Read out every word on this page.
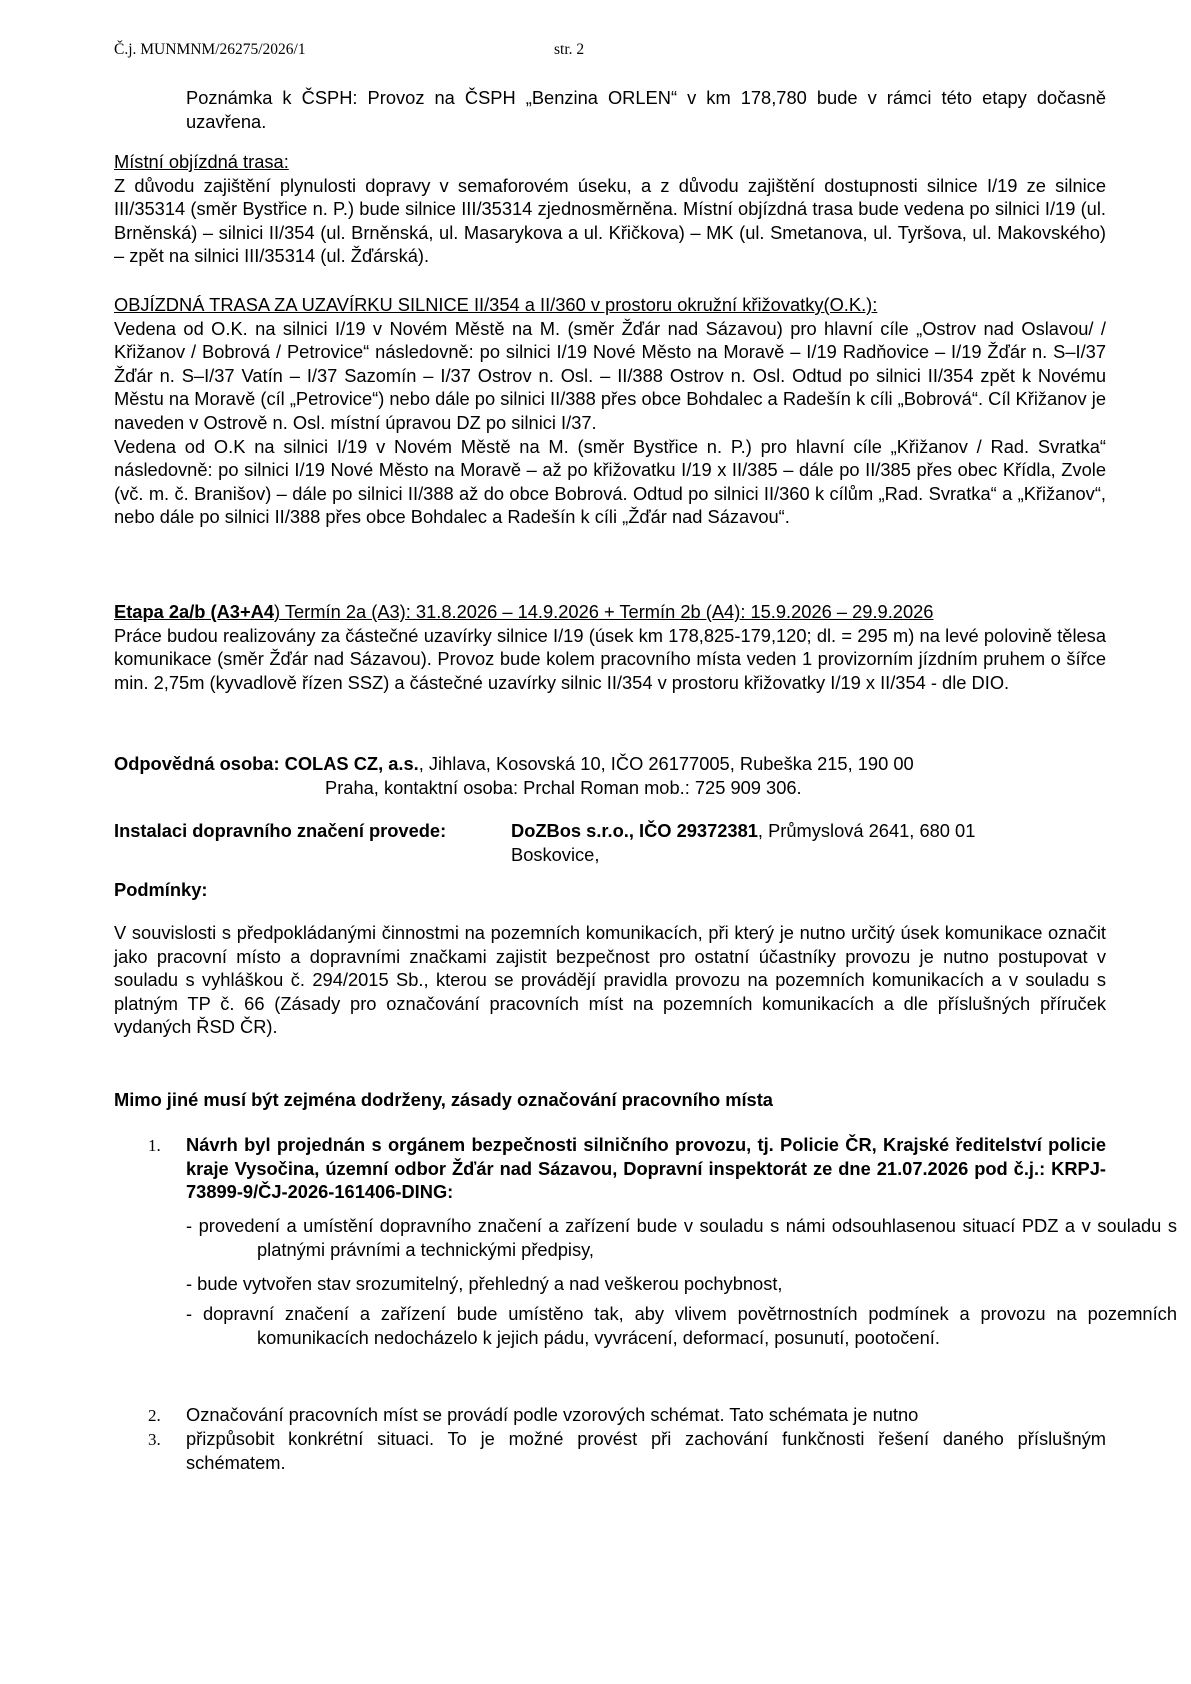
Č.j. MUNMNM/26275/2026/1	str. 2

Poznámka k ČSPH: Provoz na ČSPH „Benzina ORLEN“ v km 178,780 bude v rámci této etapy dočasně uzavřena.

Místní objízdná trasa:

Z důvodu zajištění plynulosti dopravy v semaforovém úseku, a z důvodu zajištění dostupnosti silnice I/19 ze silnice III/35314 (směr Bystřice n. P.) bude silnice III/35314 zjednosměrněna. Místní objízdná trasa bude vedena po silnici I/19 (ul. Brněnská) – silnici II/354 (ul. Brněnská, ul. Masarykova a ul. Křičkova) – MK (ul. Smetanova, ul. Tyršova, ul. Makovského) – zpět na silnici III/35314 (ul. Žďárská).

OBJÍZDNÁ TRASA ZA UZAVÍRKU SILNICE II/354 a II/360 v prostoru okružní křižovatky(O.K.):

Vedena od O.K. na silnici I/19 v Novém Městě na M. (směr Žďár nad Sázavou) pro hlavní cíle „Ostrov nad Oslavou/ / Křižanov / Bobrová / Petrovice“ následovně: po silnici I/19 Nové Město na Moravě – I/19 Radňovice – I/19 Žďár n. S–I/37 Žďár n. S–I/37 Vatín – I/37 Sazomín – I/37 Ostrov n. Osl. – II/388 Ostrov n. Osl. Odtud po silnici II/354 zpět k Novému Městu na Moravě (cíl „Petrovice“) nebo dále po silnici II/388 přes obce Bohdalec a Radešín k cíli „Bobrová“. Cíl Křižanov je naveden v Ostrově n. Osl. místní úpravou DZ po silnici I/37.

Vedena od O.K na silnici I/19 v Novém Městě na M. (směr Bystřice n. P.) pro hlavní cíle „Křižanov / Rad. Svratka“ následovně: po silnici I/19 Nové Město na Moravě – až po křižovatku I/19 x II/385 – dále po II/385 přes obec Křídla, Zvole (vč. m. č. Branišov) – dále po silnici II/388 až do obce Bobrová. Odtud po silnici II/360 k cílům „Rad. Svratka“ a „Křižanov“, nebo dále po silnici II/388 přes obce Bohdalec a Radešín k cíli „Žďár nad Sázavou“.

Etapa 2a/b (A3+A4) Termín 2a (A3): 31.8.2026 – 14.9.2026 + Termín 2b (A4): 15.9.2026 – 29.9.2026

Práce budou realizovány za částečné uzavírky silnice I/19 (úsek km 178,825-179,120; dl. = 295 m) na levé polovině tělesa komunikace (směr Žďár nad Sázavou). Provoz bude kolem pracovního místa veden 1 provizorním jízdním pruhem o šířce min. 2,75m (kyvadlově řízen SSZ) a částečné uzavírky silnic II/354 v prostoru křižovatky I/19 x II/354 - dle DIO.

Odpovědná osoba: COLAS CZ, a.s., Jihlava, Kosovská 10, IČO 26177005, Rubeška 215, 190 00

Praha, kontaktní osoba: Prchal Roman mob.: 725 909 306.

Instalaci dopravního značení provede:	DoZBos s.r.o., IČO 29372381, Průmyslová 2641, 680 01

Boskovice,

Podmínky:

V souvislosti s předpokládanými činnostmi na pozemních komunikacích, při který je nutno určitý úsek komunikace označit jako pracovní místo a dopravními značkami zajistit bezpečnost pro ostatní účastníky provozu je nutno postupovat v souladu s vyhláškou č. 294/2015 Sb., kterou se provádějí pravidla provozu na pozemních komunikacích a v souladu s platným TP č. 66 (Zásady pro označování pracovních míst na pozemních komunikacích a dle příslušných příruček vydaných ŘSD ČR).

Mimo jiné musí být zejména dodrženy, zásady označování pracovního místa

1. Návrh byl projednán s orgánem bezpečnosti silničního provozu, tj. Policie ČR, Krajské ředitelství policie kraje Vysočina, územní odbor Žďár nad Sázavou, Dopravní inspektorát ze dne 21.07.2026 pod č.j.: KRPJ-73899-9/ČJ-2026-161406-DING:

- provedení a umístění dopravního značení a zařízení bude v souladu s námi odsouhlasenou situací PDZ a v souladu s platnými právními a technickými předpisy,

- bude vytvořen stav srozumitelný, přehledný a nad veškerou pochybnost,

- dopravní značení a zařízení bude umístěno tak, aby vlivem povětrnostních podmínek a provozu na pozemních komunikacích nedocházelo k jejich pádu, vyvrácení, deformací, posunutí, pootočení.

2. Označování pracovních míst se provádí podle vzorových schémat. Tato schémata je nutno

3. přizpůsobit konkrétní situaci. To je možné provést při zachování funkčnosti řešení daného příslušným schématem.
